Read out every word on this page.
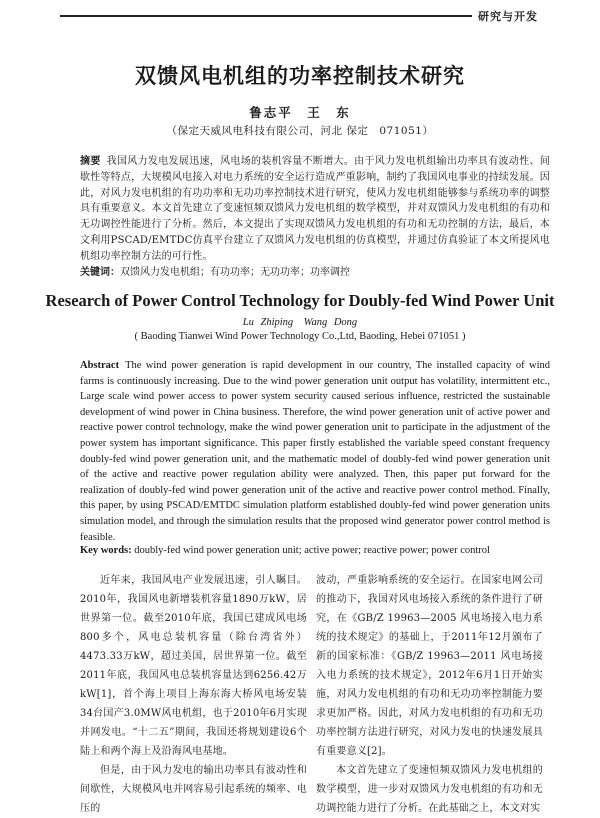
研究与开发
双馈风电机组的功率控制技术研究
鲁志平　王　东
（保定天威风电科技有限公司，河北 保定　071051）
摘要 我国风力发电发展迅速，风电场的装机容量不断增大。由于风力发电机组输出功率具有波动性、间歇性等特点，大规模风电接入对电力系统的安全运行造成严重影响，制约了我国风电事业的持续发展。因此，对风力发电机组的有功功率和无功功率控制技术进行研究，使风力发电机组能够参与系统功率的调整具有重要意义。本文首先建立了变速恒频双馈风力发电机组的数学模型，并对双馈风力发电机组的有功和无功调控性能进行了分析。然后，本文提出了实现双馈风力发电机组的有功和无功控制的方法，最后，本文利用PSCAD/EMTDC仿真平台建立了双馈风力发电机组的仿真模型，并通过仿真验证了本文所提风电机组功率控制方法的可行性。
关键词：双馈风力发电机组；有功功率；无功功率；功率调控
Research of Power Control Technology for Doubly-fed Wind Power Unit
Lu Zhiping　Wang Dong
( Baoding Tianwei Wind Power Technology Co.,Ltd, Baoding, Hebei 071051 )
Abstract The wind power generation is rapid development in our country, The installed capacity of wind farms is continuously increasing. Due to the wind power generation unit output has volatility, intermittent etc., Large scale wind power access to power system security caused serious influence, restricted the sustainable development of wind power in China business. Therefore, the wind power generation unit of active power and reactive power control technology, make the wind power generation unit to participate in the adjustment of the power system has important significance. This paper firstly established the variable speed constant frequency doubly-fed wind power generation unit, and the mathematic model of doubly-fed wind power generation unit of the active and reactive power regulation ability were analyzed. Then, this paper put forward for the realization of doubly-fed wind power generation unit of the active and reactive power control method. Finally, this paper, by using PSCAD/EMTDC simulation platform established doubly-fed wind power generation units simulation model, and through the simulation results that the proposed wind generator power control method is feasible.
Key words: doubly-fed wind power generation unit; active power; reactive power; power control

近年来，我国风电产业发展迅速，引人瞩目。2010年，我国风电新增装机容量1890万kW，居世界第一位。截至2010年底，我国已建成风电场800多个，风电总装机容量（除台湾省外）4473.33万kW，超过美国，居世界第一位。截至2011年底，我国风电总装机容量达到6256.42万kW[1]，首个海上项目上海东海大桥风电场安装34台国产3.0MW风电机组，也于2010年6月实现并网发电。“十二五”期间，我国还将规划建设6个陆上和两个海上及沿海风电基地。

但是，由于风力发电的输出功率具有波动性和间歇性，大规模风电并网容易引起系统的频率、电压的

波动，严重影响系统的安全运行。在国家电网公司的推动下，我国对风电场接入系统的条件进行了研究，在《GB/Z 19963—2005 风电场接入电力系统的技术规定》的基础上，于2011年12月颁布了新的国家标准：《GB/Z 19963—2011 风电场接入电力系统的技术规定》，2012年6月1日开始实施，对风力发电机组的有功和无功功率控制能力要求更加严格。因此，对风力发电机组的有功和无功功率控制方法进行研究，对风力发电的快速发展具有重要意义[2]。

本文首先建立了变速恒频双馈风力发电机组的数学模型，进一步对双馈风力发电机组的有功和无功调控能力进行了分析。在此基础之上，本文对实
